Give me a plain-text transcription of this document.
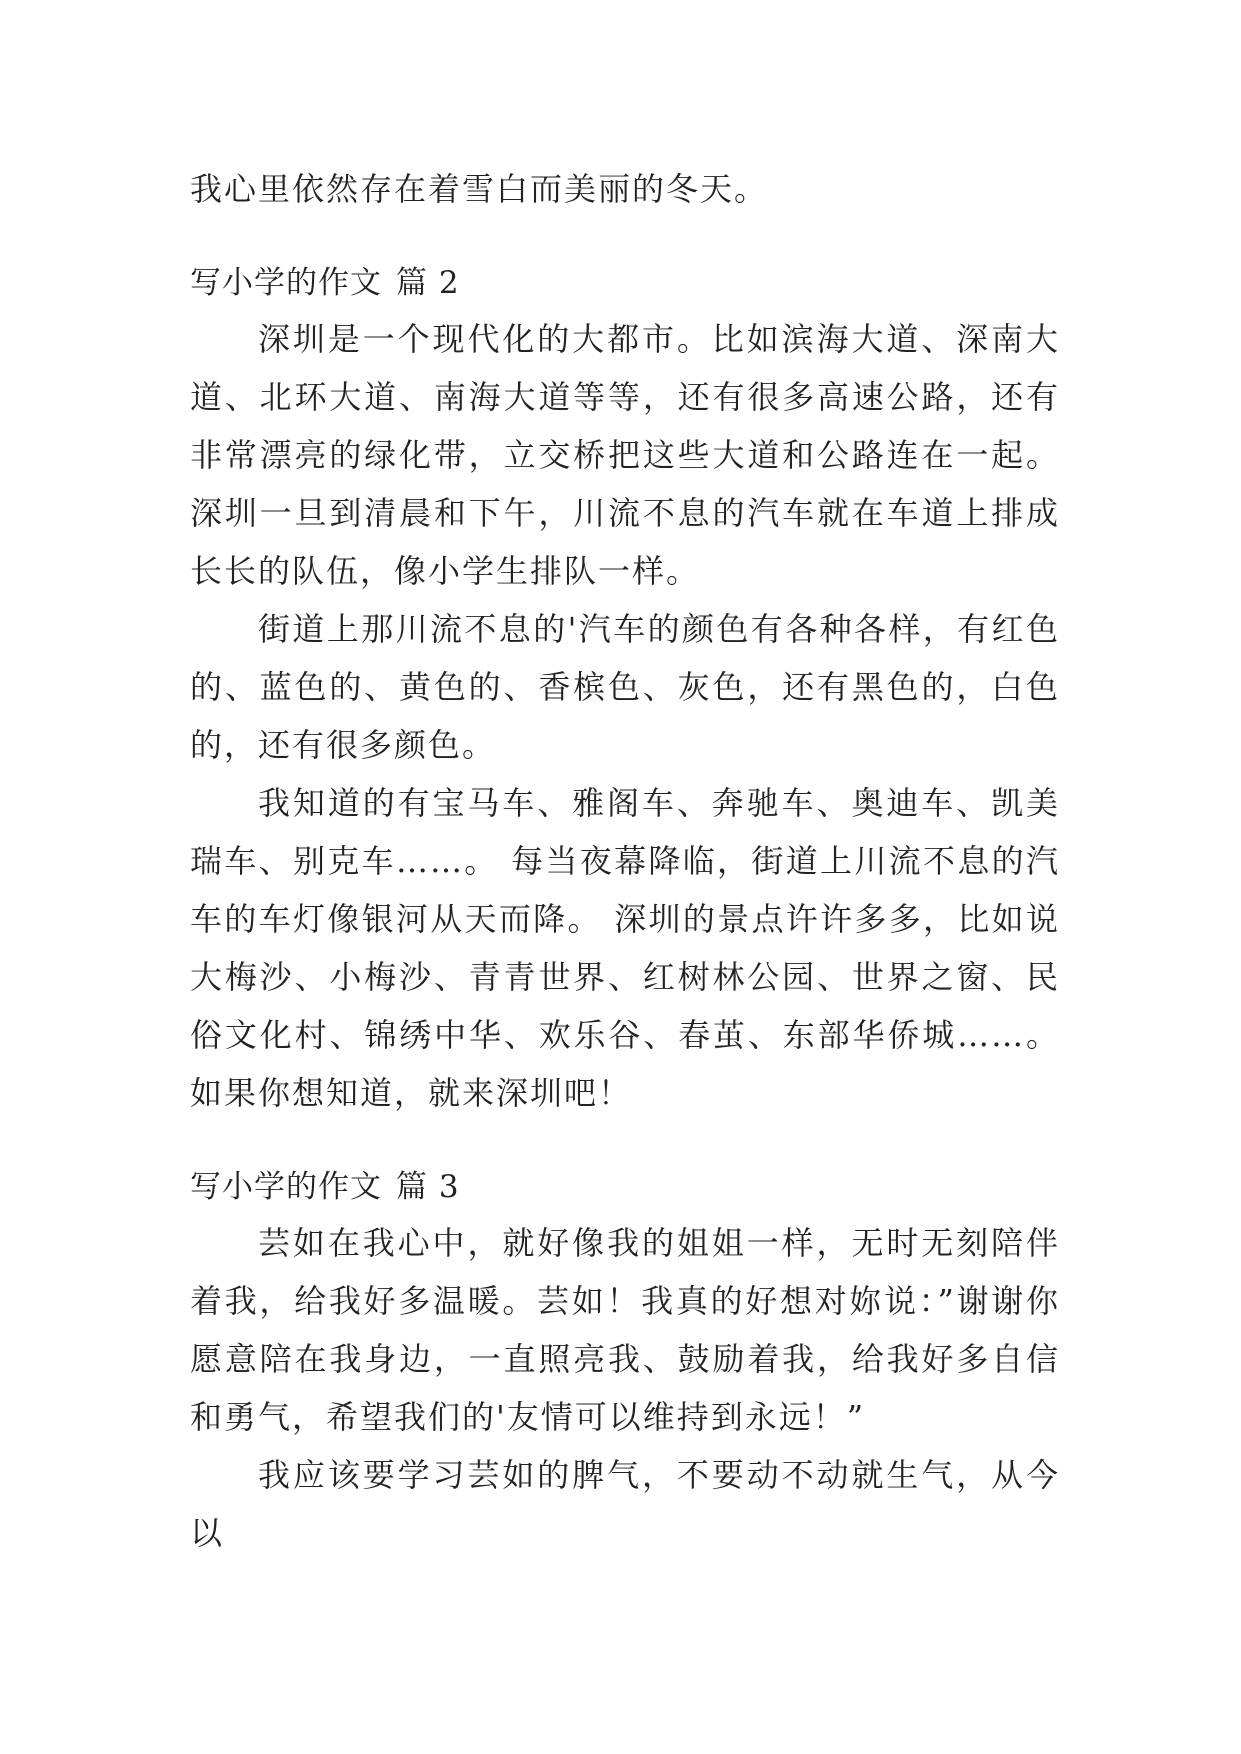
我心里依然存在着雪白而美丽的冬天。

写小学的作文 篇 2

深圳是一个现代化的大都市。比如滨海大道、深南大道、北环大道、南海大道等等，还有很多高速公路，还有非常漂亮的绿化带，立交桥把这些大道和公路连在一起。 深圳一旦到清晨和下午，川流不息的汽车就在车道上排成长长的队伍，像小学生排队一样。

街道上那川流不息的'汽车的颜色有各种各样，有红色的、蓝色的、黄色的、香槟色、灰色，还有黑色的，白色的，还有很多颜色。

我知道的有宝马车、雅阁车、奔驰车、奥迪车、凯美瑞车、别克车……。 每当夜幕降临，街道上川流不息的汽车的车灯像银河从天而降。 深圳的景点许许多多，比如说大梅沙、小梅沙、青青世界、红树林公园、世界之窗、民俗文化村、锦绣中华、欢乐谷、春茧、东部华侨城……。 如果你想知道，就来深圳吧！

写小学的作文 篇 3

芸如在我心中，就好像我的姐姐一样，无时无刻陪伴着我，给我好多温暖。芸如！我真的好想对妳说：”谢谢你愿意陪在我身边，一直照亮我、鼓励着我，给我好多自信和勇气，希望我们的'友情可以维持到永远！”

我应该要学习芸如的脾气，不要动不动就生气，从今以
